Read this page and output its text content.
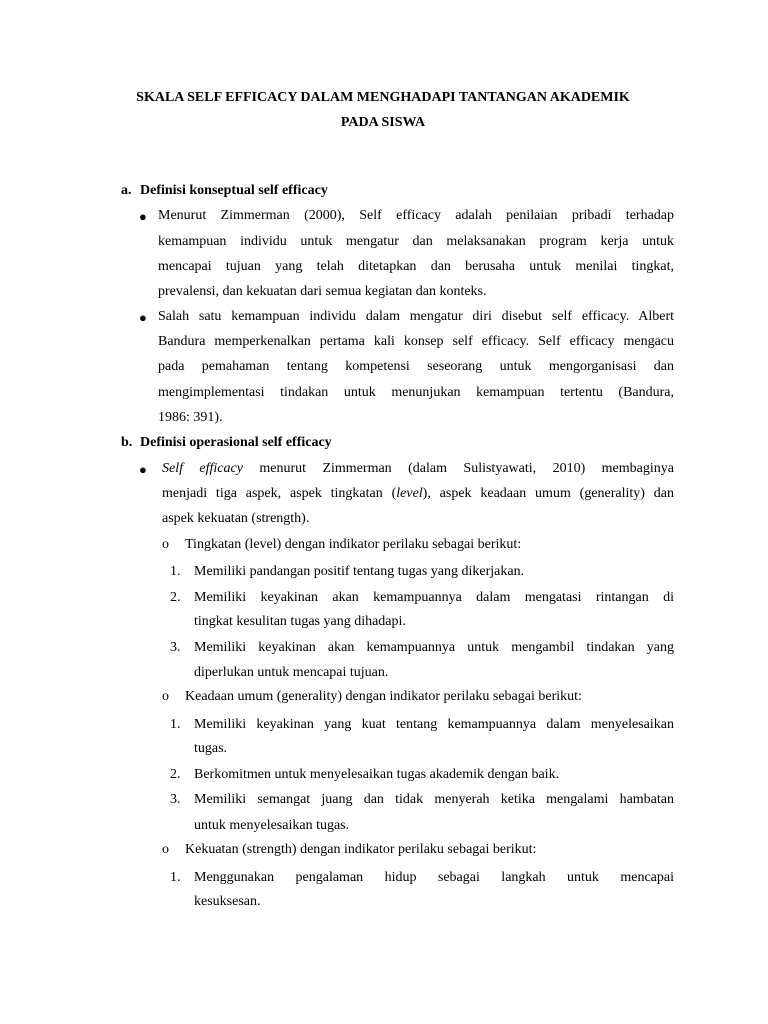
SKALA SELF EFFICACY DALAM MENGHADAPI TANTANGAN AKADEMIK
PADA SISWA
a. Definisi konseptual self efficacy
● Menurut Zimmerman (2000), Self efficacy adalah penilaian pribadi terhadap
kemampuan individu untuk mengatur dan melaksanakan program kerja untuk
mencapai tujuan yang telah ditetapkan dan berusaha untuk menilai tingkat,
prevalensi, dan kekuatan dari semua kegiatan dan konteks.
● Salah satu kemampuan individu dalam mengatur diri disebut self efficacy. Albert
Bandura memperkenalkan pertama kali konsep self efficacy. Self efficacy mengacu
pada pemahaman tentang kompetensi seseorang untuk mengorganisasi dan
mengimplementasi tindakan untuk menunjukan kemampuan tertentu (Bandura,
1986: 391).
b. Definisi operasional self efficacy
● Self efficacy menurut Zimmerman (dalam Sulistyawati, 2010) membaginya
menjadi tiga aspek, aspek tingkatan (level), aspek keadaan umum (generality) dan
aspek kekuatan (strength).
o Tingkatan (level) dengan indikator perilaku sebagai berikut:
1. Memiliki pandangan positif tentang tugas yang dikerjakan.
2. Memiliki keyakinan akan kemampuannya dalam mengatasi rintangan di
tingkat kesulitan tugas yang dihadapi.
3. Memiliki keyakinan akan kemampuannya untuk mengambil tindakan yang
diperlukan untuk mencapai tujuan.
o Keadaan umum (generality) dengan indikator perilaku sebagai berikut:
1. Memiliki keyakinan yang kuat tentang kemampuannya dalam menyelesaikan
tugas.
2. Berkomitmen untuk menyelesaikan tugas akademik dengan baik.
3. Memiliki semangat juang dan tidak menyerah ketika mengalami hambatan
untuk menyelesaikan tugas.
o Kekuatan (strength) dengan indikator perilaku sebagai berikut:
1. Menggunakan pengalaman hidup sebagai langkah untuk mencapai
kesuksesan.
